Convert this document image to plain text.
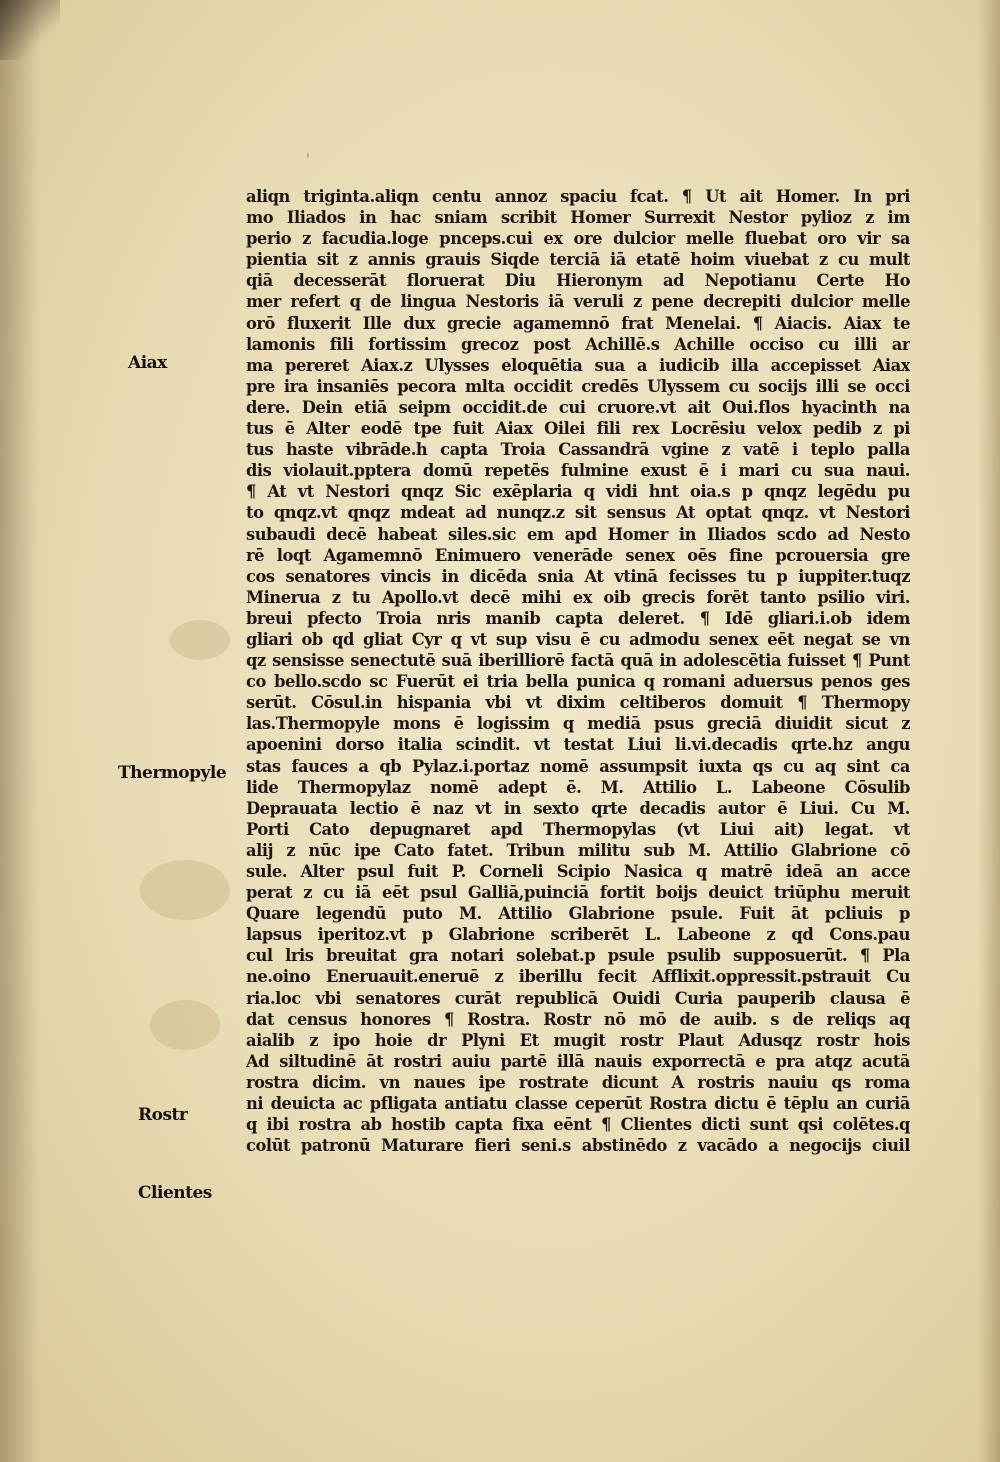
'
aliqn triginta.aliqn centu annoz spaciu fcat. ¶ Ut ait Homer. In pri
mo Iliados in hac sniam scribit Homer Surrexit Nestor pylioz z im
perio z facudia.loge pnceps.cui ex ore dulcior melle fluebat oro vir sa
pientia sit z annis grauis Siqde terciā iā etatē hoim viuebat z cu mult
qiā decesserāt floruerat Diu Hieronym ad Nepotianu Certe Ho
mer refert q de lingua Nestoris iā veruli z pene decrepiti dulcior melle
orō fluxerit Ille dux grecie agamemnō frat Menelai. ¶ Aiacis. Aiax te
lamonis fili fortissim grecoz post Achillē.s Achille occiso cu illi ar
ma pereret Aiax.z Ulysses eloquētia sua a iudicib illa accepisset Aiax
pre ira insaniēs pecora mlta occidit credēs Ulyssem cu socijs illi se occi
dere. Dein etiā seipm occidit.de cui cruore.vt ait Oui.flos hyacinth na
tus ē Alter eodē tpe fuit Aiax Oilei fili rex Locrēsiu velox pedib z pi
tus haste vibrāde.h capta Troia Cassandrā vgine z vatē i teplo palla
dis violauit.pptera domū repetēs fulmine exust ē i mari cu sua naui.
¶ At vt Nestori qnqz Sic exēplaria q vidi hnt oia.s p qnqz legēdu pu
to qnqz.vt qnqz mdeat ad nunqz.z sit sensus At optat qnqz. vt Nestori
subaudi decē habeat siles.sic em apd Homer in Iliados scdo ad Nesto
rē loqt Agamemnō Enimuero venerāde senex oēs fine pcrouersia gre
cos senatores vincis in dicēda snia At vtinā fecisses tu p iuppiter.tuqz
Minerua z tu Apollo.vt decē mihi ex oib grecis forēt tanto psilio viri.
breui pfecto Troia nris manib capta deleret. ¶ Idē gliari.i.ob idem
gliari ob qd gliat Cyr q vt sup visu ē cu admodu senex eēt negat se vn
qz sensisse senectutē suā iberilliorē factā quā in adolescētia fuisset ¶ Punt
co bello.scdo sc Fuerūt ei tria bella punica q romani aduersus penos ges
serūt. Cōsul.in hispania vbi vt dixim celtiberos domuit ¶ Thermopy
las.Thermopyle mons ē logissim q mediā psus greciā diuidit sicut z
apoenini dorso italia scindit. vt testat Liui li.vi.decadis qrte.hz angu
stas fauces a qb Pylaz.i.portaz nomē assumpsit iuxta qs cu aq sint ca
lide Thermopylaz nomē adept ē. M. Attilio L. Labeone Cōsulib
Deprauata lectio ē naz vt in sexto qrte decadis autor ē Liui. Cu M.
Porti Cato depugnaret apd Thermopylas (vt Liui ait) legat. vt
alij z nūc ipe Cato fatet. Tribun militu sub M. Attilio Glabrione cō
sule. Alter psul fuit P. Corneli Scipio Nasica q matrē ideā an acce
perat z cu iā eēt psul Galliā,puinciā fortit boijs deuict triūphu meruit
Quare legendū puto M. Attilio Glabrione psule. Fuit āt pcliuis p
lapsus iperitoz.vt p Glabrione scriberēt L. Labeone z qd Cons.pau
cul lris breuitat gra notari solebat.p psule psulib supposuerūt. ¶ Pla
ne.oino Eneruauit.eneruē z iberillu fecit Afflixit.oppressit.pstrauit Cu
ria.loc vbi senatores curāt republicā Ouidi Curia pauperib clausa ē
dat census honores ¶ Rostra. Rostr nō mō de auib. s de reliqs aq
aialib z ipo hoie dr Plyni Et mugit rostr Plaut Adusqz rostr hois
Ad siltudinē āt rostri auiu partē illā nauis exporrectā e pra atqz acutā
rostra dicim. vn naues ipe rostrate dicunt A rostris nauiu qs roma
ni deuicta ac pfligata antiatu classe ceperūt Rostra dictu ē tēplu an curiā
q ibi rostra ab hostib capta fixa eēnt ¶ Clientes dicti sunt qsi colētes.q
colūt patronū Maturare fieri seni.s abstinēdo z vacādo a negocijs ciuil
Aiax
Thermopyle
Rostr
Clientes
